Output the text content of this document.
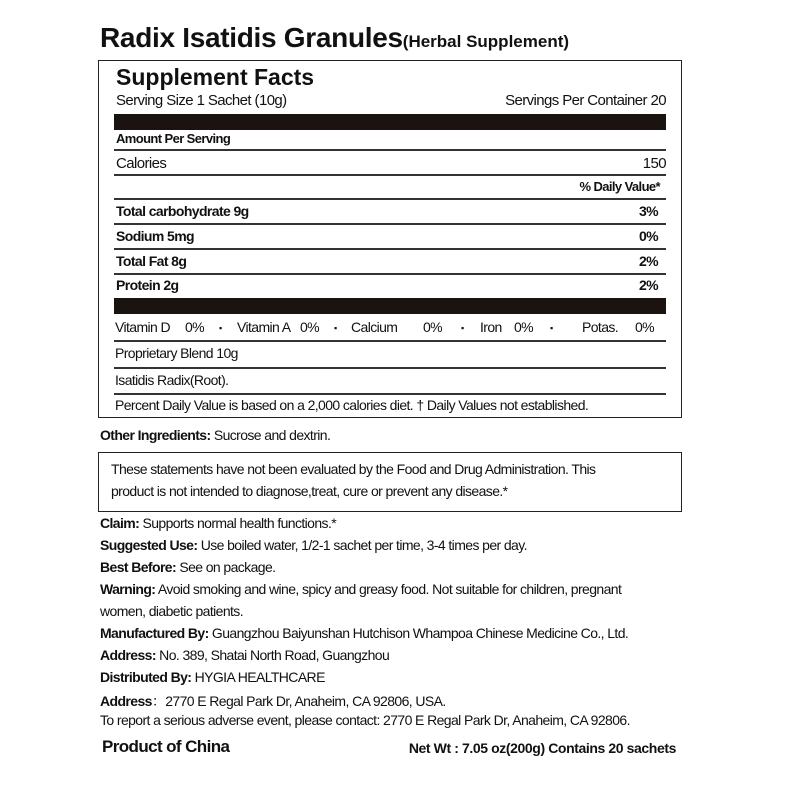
Radix Isatidis Granules(Herbal Supplement)
Supplement Facts
Serving Size 1 Sachet (10g)	Servings Per Container 20
Amount Per Serving
Calories	150
% Daily Value*
Total carbohydrate 9g	3%
Sodium 5mg	0%
Total Fat 8g	2%
Protein 2g	2%
Vitamin D 0% ▪ Vitamin A 0% ▪ Calcium 0% ▪ Iron 0% ▪ Potas. 0%
Proprietary Blend 10g
Isatidis Radix(Root).
Percent Daily Value is based on a 2,000 calories diet. † Daily Values not established.
Other Ingredients: Sucrose and dextrin.
These statements have not been evaluated by the Food and Drug Administration. This
product is not intended to diagnose,treat, cure or prevent any disease.*
Claim: Supports normal health functions.*
Suggested Use: Use boiled water, 1/2-1 sachet per time, 3-4 times per day.
Best Before: See on package.
Warning: Avoid smoking and wine, spicy and greasy food. Not suitable for children, pregnant
women, diabetic patients.
Manufactured By: Guangzhou Baiyunshan Hutchison Whampoa Chinese Medicine Co., Ltd.
Address: No. 389, Shatai North Road, Guangzhou
Distributed By: HYGIA HEALTHCARE
Address：2770 E Regal Park Dr, Anaheim, CA 92806, USA.
To report a serious adverse event, please contact: 2770 E Regal Park Dr, Anaheim, CA 92806.
Product of China	Net Wt : 7.05 oz(200g) Contains 20 sachets
